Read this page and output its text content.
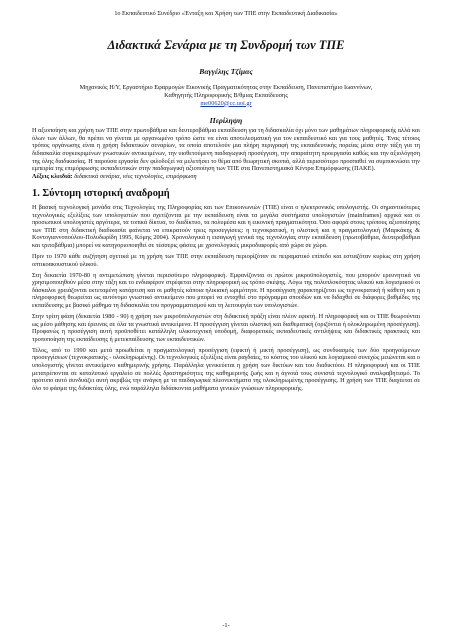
1ο Εκπαιδευτικό Συνέδριο «Ένταξη και Χρήση των ΤΠΕ στην Εκπαιδευτική Διαδικασία»
Διδακτικά Σενάρια με τη Συνδρομή των ΤΠΕ
Βαγγέλης Τζίμας
Μηχανικός Η/Υ, Εργαστήριο Εφαρμογών Εικονικής Πραγματικότητας στην Εκπαίδευση, Πανεπιστήμιο Ιωαννίνων,
Καθηγητής Πληροφορικής Β/θμιας Εκπαίδευσης
me00620@cc.uoi.gr
Περίληψη

Η αξιοποίηση και χρήση των ΤΠΕ στην πρωτοβάθμια και δευτεροβάθμια εκπαίδευση για τη διδασκαλία όχι μόνο των μαθημάτων πληροφορικής αλλά και όλων των άλλων, θα πρέπει να γίνεται με οργανωμένο τρόπο ώστε να είναι αποτελεσματική για τον εκπαιδευτικό και για τους μαθητές. Ένας τέτοιος τρόπος οργάνωσης είναι η χρήση διδακτικών σεναρίων, τα οποία αποτελούν μια πλήρη περιγραφή της εκπαιδευτικής πορείας μέσα στην τάξη για τη διδασκαλία συγκεκριμένων γνωστικών αντικειμένων, την υιοθετούμενη παιδαγωγική προσέγγιση, την απαραίτητη προεργασία καθώς και την αξιολόγηση της όλης διαδικασίας. Η παρούσα εργασία δεν φιλοδοξεί να μελετήσει το θέμα από θεωρητική σκοπιά, αλλά περισσότερο προσπαθεί να συμπυκνώσει την εμπειρία της επιμόρφωσης εκπαιδευτικών στην παιδαγωγική αξιοποίηση των ΤΠΕ στα Πανεπιστημιακά Κέντρα Επιμόρφωσης (ΠΑΚΕ).

Λέξεις κλειδιά: διδακτικά σενάρια, νέες τεχνολογίες, επιμόρφωση

1. Σύντομη ιστορική αναδρομή

Η βασική τεχνολογική μονάδα στις Τεχνολογίες της Πληροφορίας και των Επικοινωνιών (ΤΠΕ) είναι ο ηλεκτρονικός υπολογιστής. Οι σημαντικότερες τεχνολογικές εξελίξεις των υπολογιστών που σχετίζονται με την εκπαίδευση είναι τα μεγάλα συστήματα υπολογιστών (mainframes) αρχικά και οι προσωπικοί υπολογιστές αργότερα, τα τοπικά δίκτυα, το διαδίκτυο, τα πολυμέσα και η εικονική πραγματικότητα. Όσο αφορά στους τρόπους αξιοποίησης των ΤΠΕ στη διδακτική διαδικασία φαίνεται να επικρατούν τρεις προσεγγίσεις: η τεχνοκρατική, η ολιστική και η πραγματολογική (Μαρκάκης & Κοντογιαννοπούλου-Πολυδωρίδη 1995, Κόμης 2004). Χρονολογικά η εισαγωγή γενικά της τεχνολογίας στην εκπαίδευση (πρωτοβάθμια, δευτεροβάθμια και τριτοβάθμια) μπορεί να κατηγοριοποιηθεί σε τέσσερις φάσεις με χρονολογικές μικροδιαφορές από χώρα σε χώρα.

Πριν το 1970 κάθε συζήτηση σχετικά με τη χρήση των ΤΠΕ στην εκπαίδευση περιορίζόταν σε πειραματικό επίπεδο και εστιαζόταν κυρίως στη χρήση οπτικοακουστικού υλικού.

Στη δεκαετία 1970-80 η αντιμετώπιση γίνεται περισσότερο πληροφορική. Εμφανίζονται οι πρώτοι μικροϋπολογιστές, που μπορούν ερευνητικά να χρησιμοποιηθούν μέσα στην τάξη και το ενδιαφέρον στρέφεται στην πληροφορική ως τρόπο σκέψης. Λόγω της πολυπλοκότητας υλικού και λογισμικού οι δάσκαλοι χρειάζονται εκτεταμένη κατάρτιση και οι μαθητές κάποια ηλικιακή ωριμότητα. Η προσέγγιση χαρακτηρίζεται ως τεχνοκρατική ή κάθετη και η πληροφορική θεωρείται ως αυτόνομο γνωστικό αντικείμενο που μπορεί να ενταχθεί στο πρόγραμμα σπουδών και να διδαχθεί σε διάφορες βαθμίδες της εκπαίδευσης με βασικό μάθημα τη διδασκαλία του προγραμματισμού και τη λειτουργία των υπολογιστών.

Στην τρίτη φάση (δεκαετία 1980 - 90) η χρήση των μικροϋπολογιστών στη διδακτική πράξη είναι πλέον εφικτή. Η πληροφορική και οι ΤΠΕ θεωρούνται ως μέσο μάθησης και έρευνας σε όλα τα γνωστικά αντικείμενα. Η προσέγγιση γίνεται ολιστική και διαθεματική (οριζόντια ή ολοκληρωμένη προσέγγιση). Προφανώς η προσέγγιση αυτή προϋποθέτει κατάλληλη υλικοτεχνική υποδομή, διαφορετικές εκπαιδευτικές αντιλήψεις και διδακτικές πρακτικές και τροποποίηση της εκπαίδευσης ή μετεκπαίδευσης των εκπαιδευτικών.

Τέλος, από το 1990 και μετά προωθείται η πραγματολογική προσέγγιση (εφικτή ή μικτή προσέγγιση), ως συνδυασμός των δύο προηγούμενων προσεγγίσεων (τεχνοκρατικής - ολοκληρωμένης). Οι τεχνολογικές εξελίξεις είναι ραγδαίες, το κόστος του υλικού και λογισμικού συνεχώς μειώνεται και ο υπολογιστής γίνεται αντικείμενο καθημερινής χρήσης. Παράλληλα γενικεύεται η χρήση των δικτύων και του διαδικτύου. Η πληροφορική και οι ΤΠΕ μετατρέπονται σε καταλυτικό εργαλείο σε πολλές δραστηριότητες της καθημερινής ζωής και η άγνοιά τους συνιστά τεχνολογικό αναλφαβητισμό. Το πρότυπο αυτό συνδυάζει αυτή ακριβώς την ανάγκη με τα παιδαγωγικά πλεονεκτήματα της ολοκληρωμένης προσέγγισης. Η χρήση των ΤΠΕ διαχέεται σε όλο το φάσμα της διδακτέας ύλης, ενώ παράλληλα διδάσκονται μαθήματα γενικών γνώσεων πληροφορικής.

-1-
